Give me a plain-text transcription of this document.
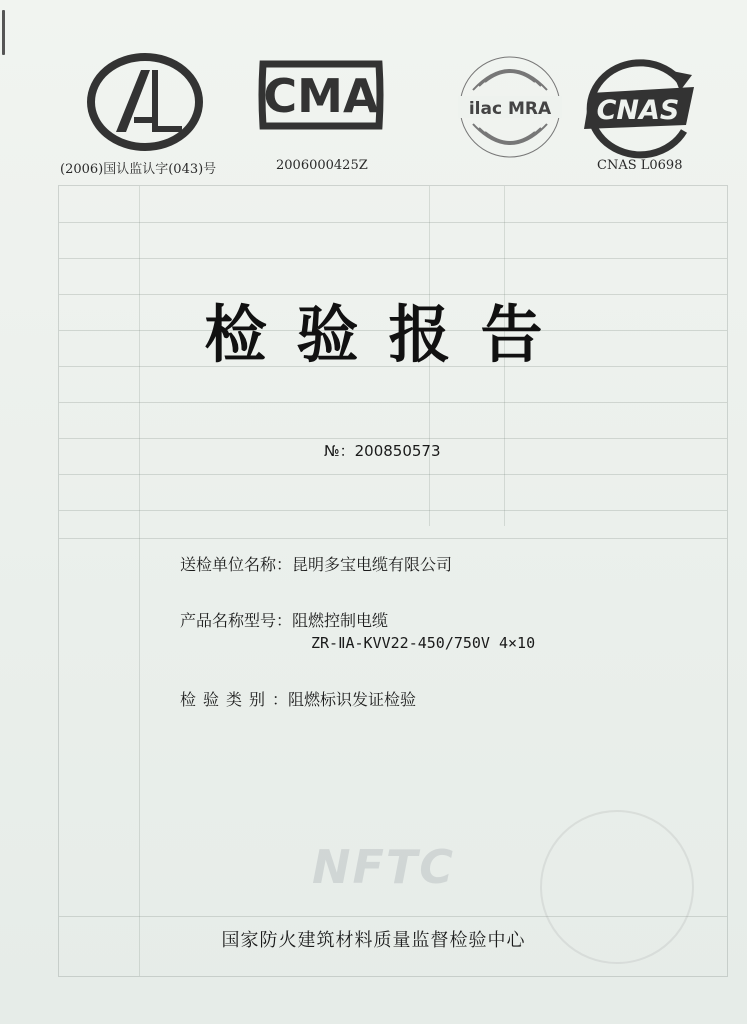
NFTC
CMA	ilac MRA CNAS
(2006)国认监认字(043)号	2006000425Z	CNAS L0698
检验报告
№：200850573
送检单位名称：昆明多宝电缆有限公司
产品名称型号：阻燃控制电缆
ZR-ⅡA-KVV22-450/750V 4×10
检验类别：阻燃标识发证检验
国家防火建筑材料质量监督检验中心
